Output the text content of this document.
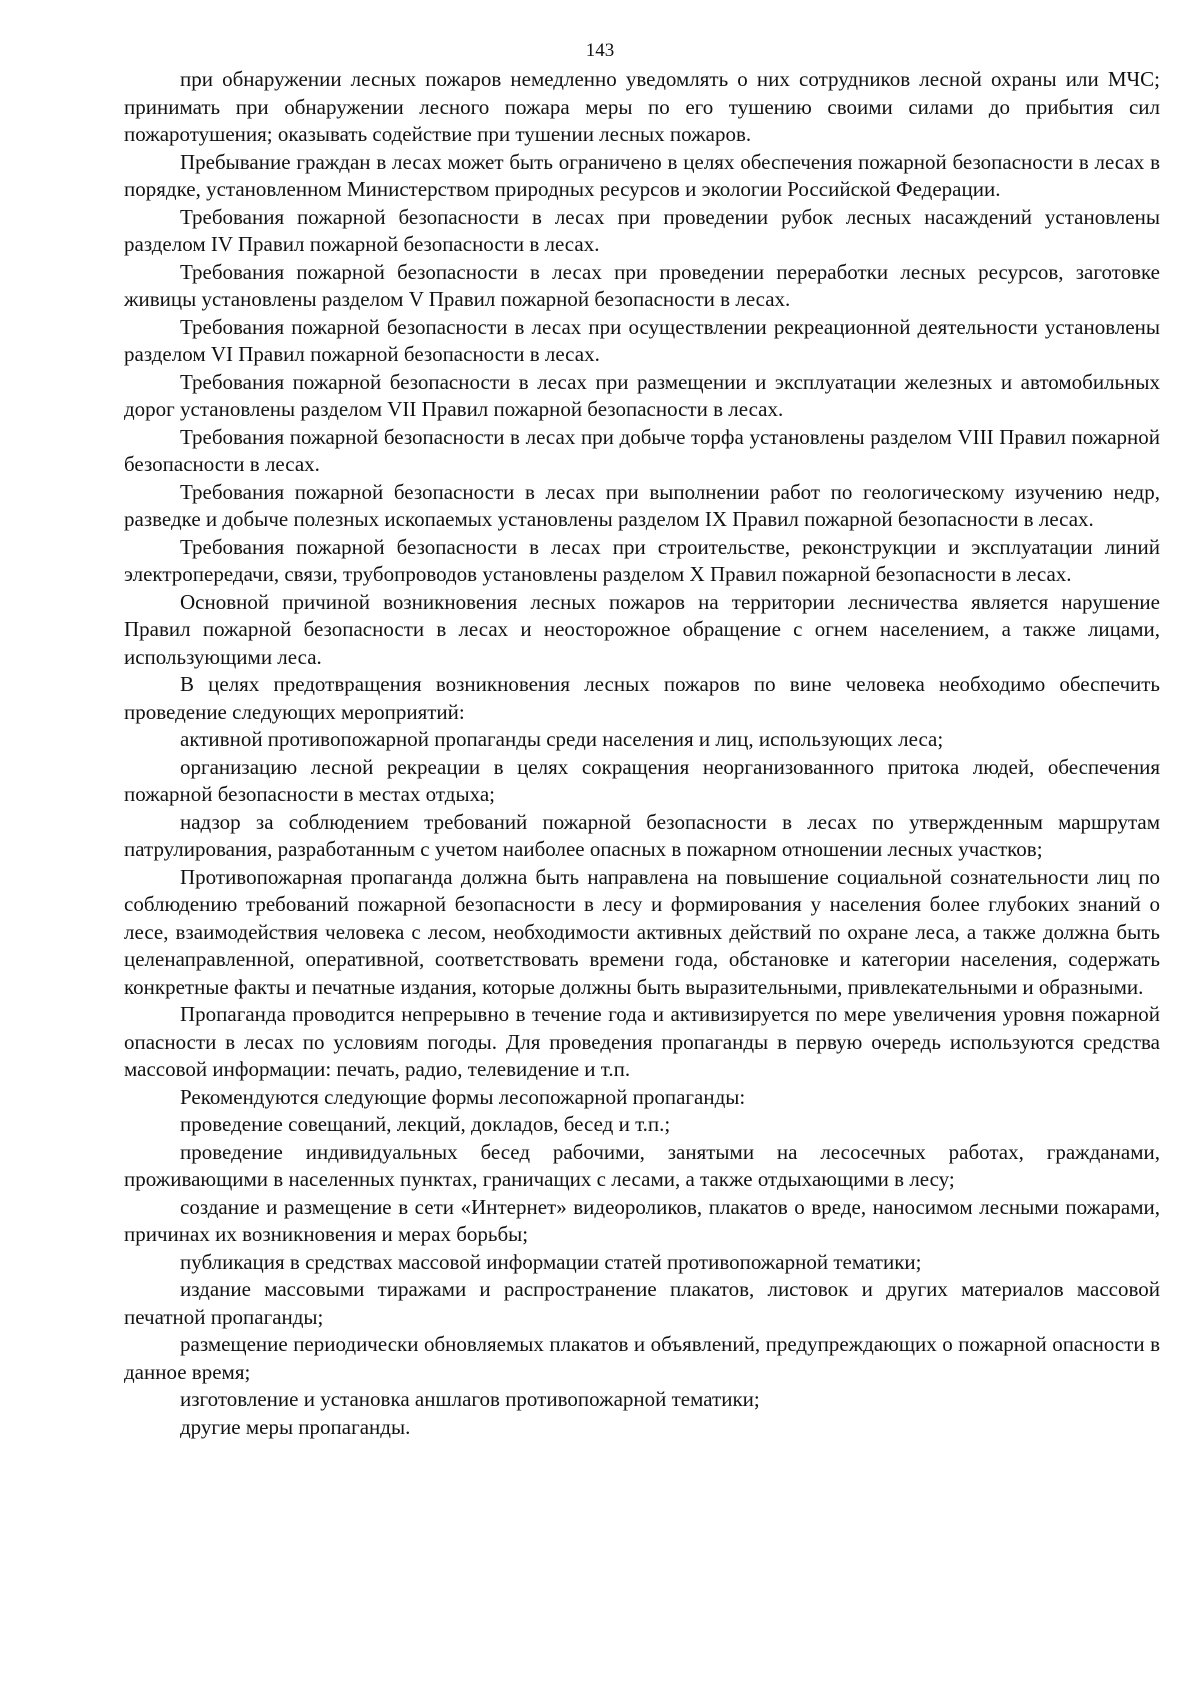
143

при обнаружении лесных пожаров немедленно уведомлять о них сотрудников лесной охраны или МЧС; принимать при обнаружении лесного пожара меры по его тушению своими силами до прибытия сил пожаротушения; оказывать содействие при тушении лесных пожаров.

Пребывание граждан в лесах может быть ограничено в целях обеспечения пожарной безопасности в лесах в порядке, установленном Министерством природных ресурсов и экологии Российской Федерации.

Требования пожарной безопасности в лесах при проведении рубок лесных насаждений установлены разделом IV Правил пожарной безопасности в лесах.

Требования пожарной безопасности в лесах при проведении переработки лесных ресурсов, заготовке живицы установлены разделом V Правил пожарной безопасности в лесах.

Требования пожарной безопасности в лесах при осуществлении рекреационной деятельности установлены разделом VI Правил пожарной безопасности в лесах.

Требования пожарной безопасности в лесах при размещении и эксплуатации железных и автомобильных дорог установлены разделом VII Правил пожарной безопасности в лесах.

Требования пожарной безопасности в лесах при добыче торфа установлены разделом VIII Правил пожарной безопасности в лесах.

Требования пожарной безопасности в лесах при выполнении работ по геологическому изучению недр, разведке и добыче полезных ископаемых установлены разделом IX Правил пожарной безопасности в лесах.

Требования пожарной безопасности в лесах при строительстве, реконструкции и эксплуатации линий электропередачи, связи, трубопроводов установлены разделом X Правил пожарной безопасности в лесах.

Основной причиной возникновения лесных пожаров на территории лесничества является нарушение Правил пожарной безопасности в лесах и неосторожное обращение с огнем населением, а также лицами, использующими леса.

В целях предотвращения возникновения лесных пожаров по вине человека необходимо обеспечить проведение следующих мероприятий:

активной противопожарной пропаганды среди населения и лиц, использующих леса;

организацию лесной рекреации в целях сокращения неорганизованного притока людей, обеспечения пожарной безопасности в местах отдыха;

надзор за соблюдением требований пожарной безопасности в лесах по утвержденным маршрутам патрулирования, разработанным с учетом наиболее опасных в пожарном отношении лесных участков;

Противопожарная пропаганда должна быть направлена на повышение социальной сознательности лиц по соблюдению требований пожарной безопасности в лесу и формирования у населения более глубоких знаний о лесе, взаимодействия человека с лесом, необходимости активных действий по охране леса, а также должна быть целенаправленной, оперативной, соответствовать времени года, обстановке и категории населения, содержать конкретные факты и печатные издания, которые должны быть выразительными, привлекательными и образными.

Пропаганда проводится непрерывно в течение года и активизируется по мере увеличения уровня пожарной опасности в лесах по условиям погоды. Для проведения пропаганды в первую очередь используются средства массовой информации: печать, радио, телевидение и т.п.

Рекомендуются следующие формы лесопожарной пропаганды:

проведение совещаний, лекций, докладов, бесед и т.п.;

проведение индивидуальных бесед рабочими, занятыми на лесосечных работах, гражданами, проживающими в населенных пунктах, граничащих с лесами, а также отдыхающими в лесу;

создание и размещение в сети «Интернет» видеороликов, плакатов о вреде, наносимом лесными пожарами, причинах их возникновения и мерах борьбы;

публикация в средствах массовой информации статей противопожарной тематики;

издание массовыми тиражами и распространение плакатов, листовок и других материалов массовой печатной пропаганды;

размещение периодически обновляемых плакатов и объявлений, предупреждающих о пожарной опасности в данное время;

изготовление и установка аншлагов противопожарной тематики;

другие меры пропаганды.
